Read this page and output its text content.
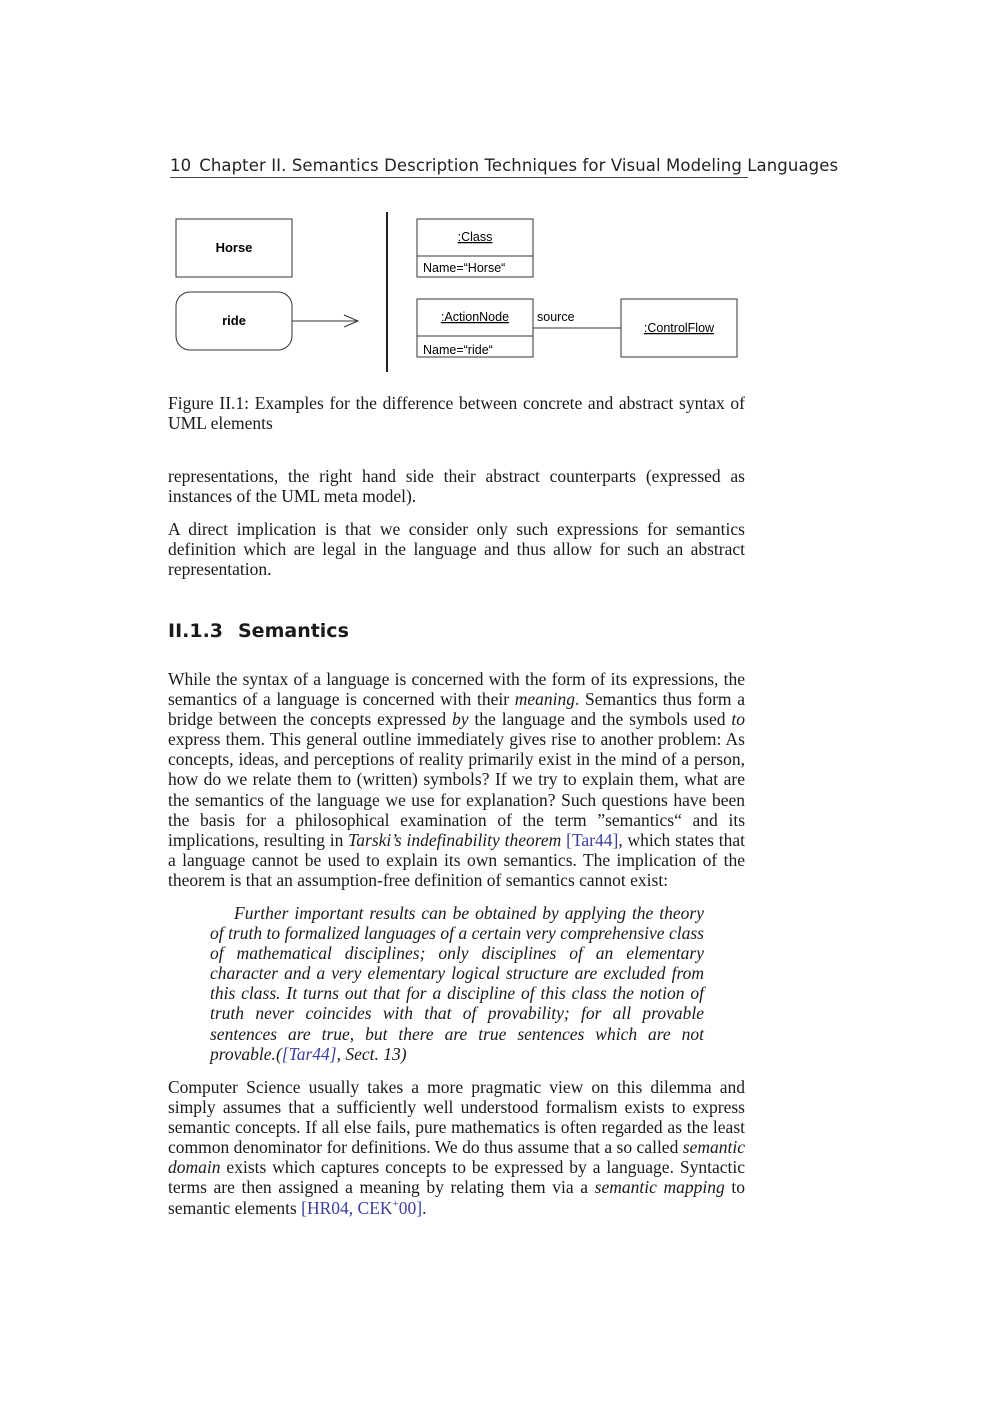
10 Chapter II. Semantics Description Techniques for Visual Modeling Languages
Horse
ride
:Class
Name=“Horse“
:ActionNode
Name=“ride“
source
:ControlFlow
Figure II.1: Examples for the difference between concrete and abstract syntax of UML elements

representations, the right hand side their abstract counterparts (expressed as instances of the UML meta model).

A direct implication is that we consider only such expressions for semantics definition which are legal in the language and thus allow for such an abstract representation.

II.1.3 Semantics

While the syntax of a language is concerned with the form of its expressions, the semantics of a language is concerned with their meaning. Semantics thus form a bridge between the concepts expressed by the language and the symbols used to express them. This general outline immediately gives rise to another problem: As concepts, ideas, and perceptions of reality primarily exist in the mind of a person, how do we relate them to (written) symbols? If we try to explain them, what are the semantics of the language we use for explanation? Such questions have been the basis for a philosophical examination of the term ”semantics“ and its implications, resulting in Tarski’s indefinability theorem [Tar44], which states that a language cannot be used to explain its own semantics. The implication of the theorem is that an assumption-free definition of semantics cannot exist:

Further important results can be obtained by applying the theory of truth to formalized languages of a certain very comprehensive class of mathematical disciplines; only disciplines of an elementary character and a very elementary logical structure are excluded from this class. It turns out that for a discipline of this class the notion of truth never coincides with that of provability; for all provable sentences are true, but there are true sentences which are not provable.([Tar44], Sect. 13)

Computer Science usually takes a more pragmatic view on this dilemma and simply assumes that a sufficiently well understood formalism exists to express semantic concepts. If all else fails, pure mathematics is often regarded as the least common denominator for definitions. We do thus assume that a so called semantic domain exists which captures concepts to be expressed by a language. Syntactic terms are then assigned a meaning by relating them via a semantic mapping to semantic elements [HR04, CEK+00].
